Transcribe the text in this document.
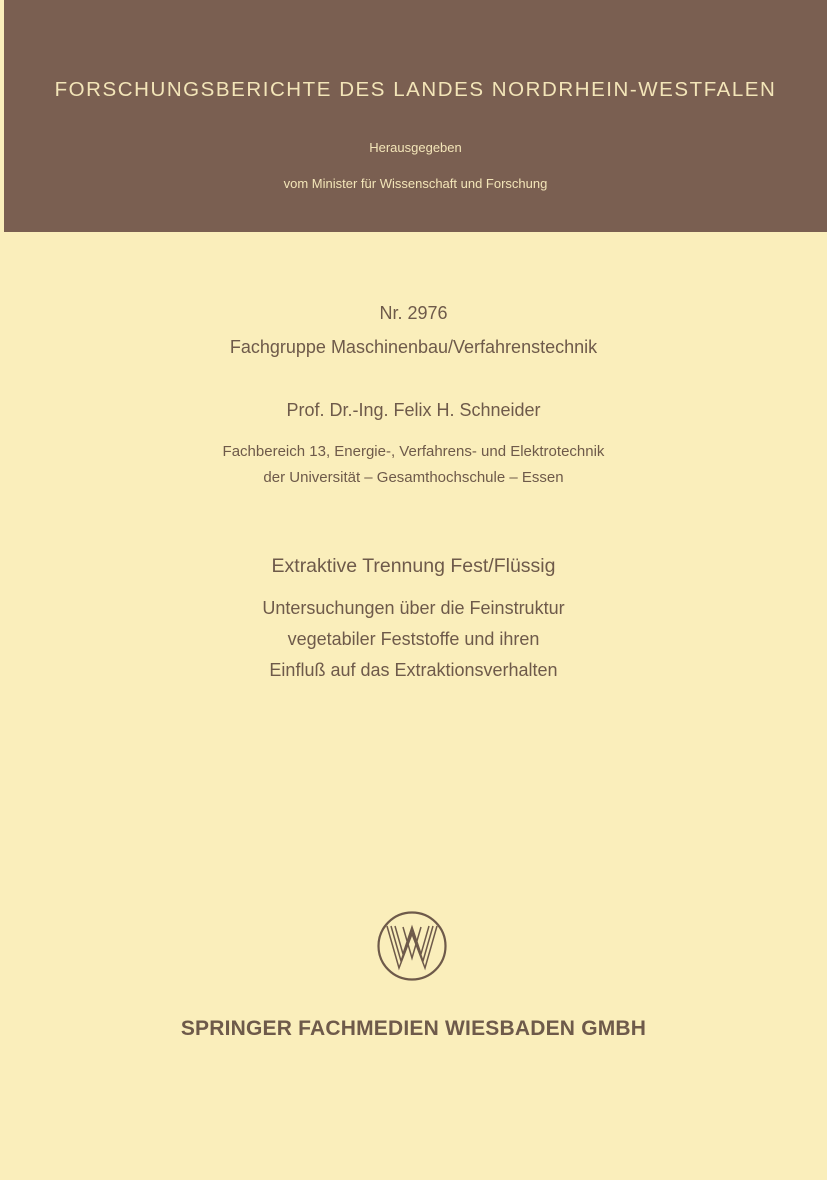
FORSCHUNGSBERICHTE DES LANDES NORDRHEIN-WESTFALEN
Herausgegeben
vom Minister für Wissenschaft und Forschung
Nr. 2976
Fachgruppe Maschinenbau/Verfahrenstechnik
Prof. Dr.-Ing. Felix H. Schneider
Fachbereich 13, Energie-, Verfahrens- und Elektrotechnik
der Universität – Gesamthochschule – Essen
Extraktive Trennung Fest/Flüssig
Untersuchungen über die Feinstruktur
vegetabiler Feststoffe und ihren
Einfluß auf das Extraktionsverhalten
SPRINGER FACHMEDIEN WIESBADEN GMBH
